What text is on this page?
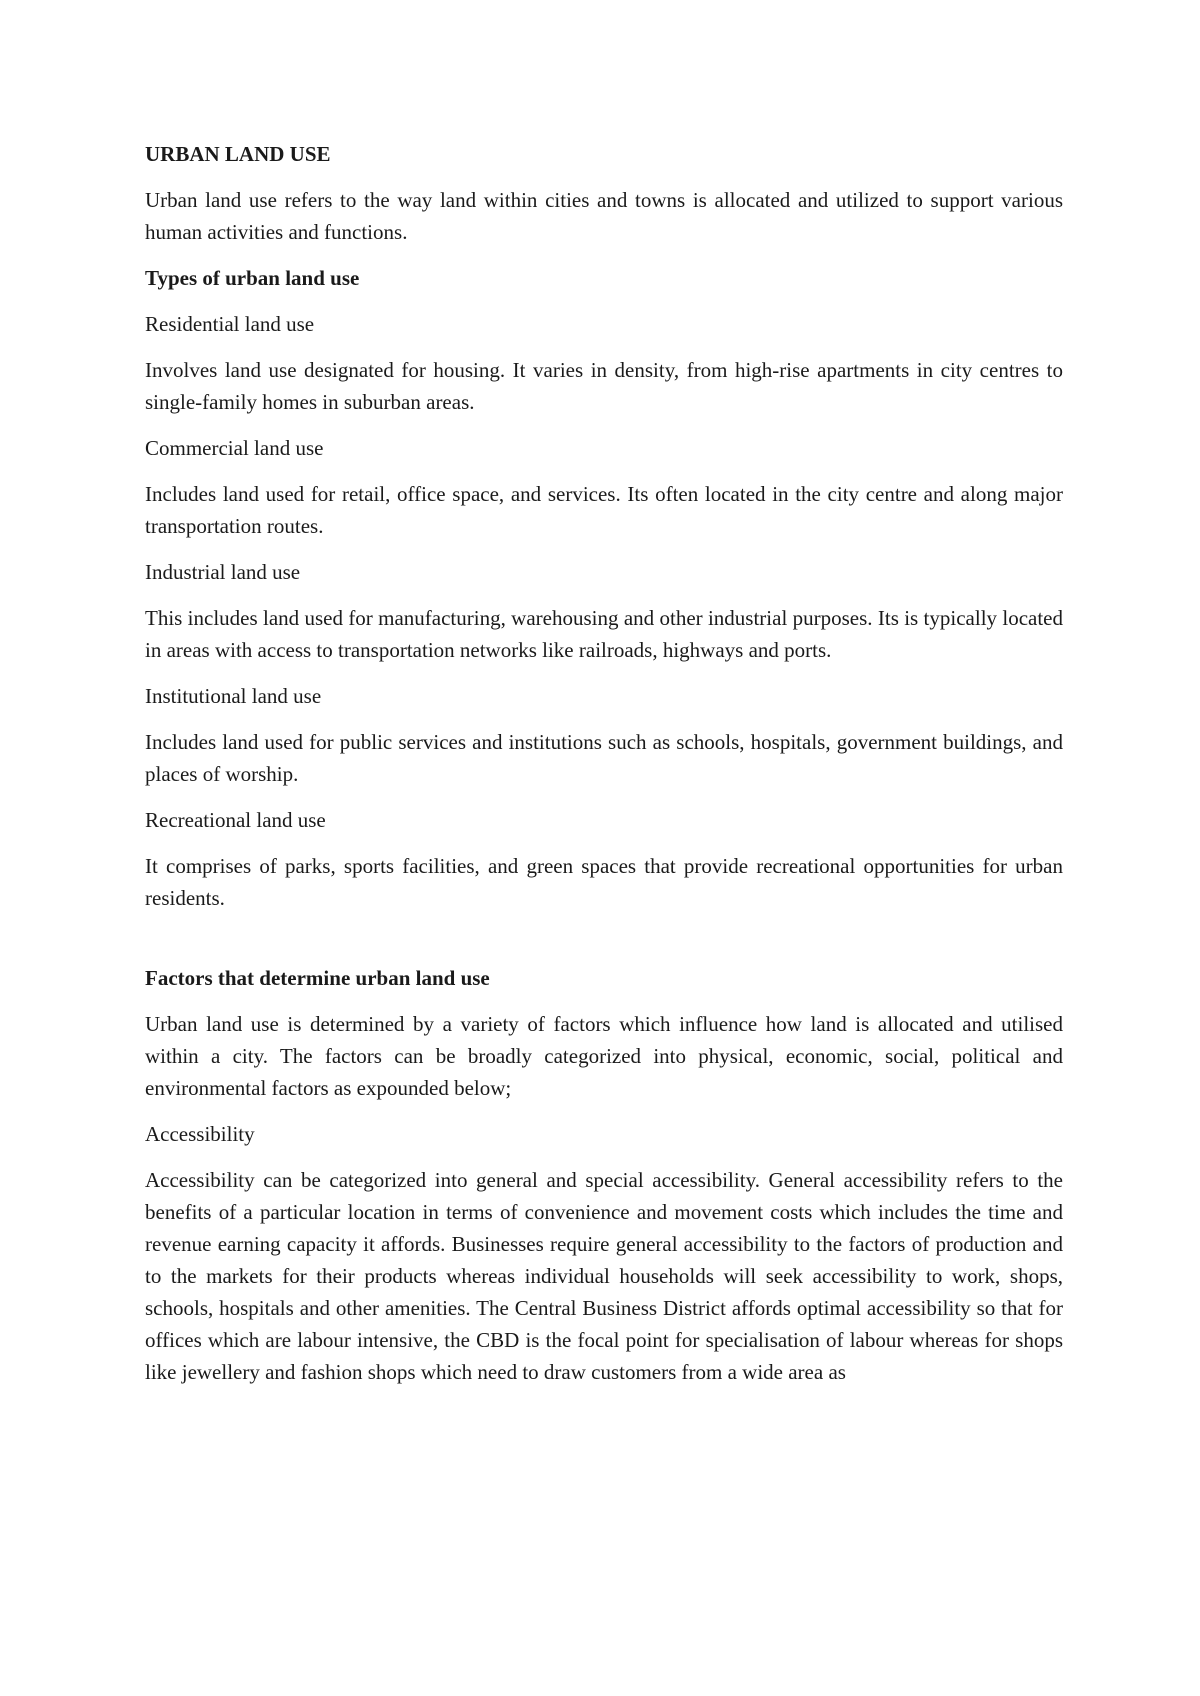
URBAN LAND USE

Urban land use refers to the way land within cities and towns is allocated and utilized to support various human activities and functions.

Types of urban land use

Residential land use

Involves land use designated for housing. It varies in density, from high-rise apartments in city centres to single-family homes in suburban areas.

Commercial land use

Includes land used for retail, office space, and services. Its often located in the city centre and along major transportation routes.

Industrial land use

This includes land used for manufacturing, warehousing and other industrial purposes. Its is typically located in areas with access to transportation networks like railroads, highways and ports.

Institutional land use

Includes land used for public services and institutions such as schools, hospitals, government buildings, and places of worship.

Recreational land use

It comprises of parks, sports facilities, and green spaces that provide recreational opportunities for urban residents.

Factors that determine urban land use

Urban land use is determined by a variety of factors which influence how land is allocated and utilised within a city. The factors can be broadly categorized into physical, economic, social, political and environmental factors as expounded below;

Accessibility

Accessibility can be categorized into general and special accessibility. General accessibility refers to the benefits of a particular location in terms of convenience and movement costs which includes the time and revenue earning capacity it affords. Businesses require general accessibility to the factors of production and to the markets for their products whereas individual households will seek accessibility to work, shops, schools, hospitals and other amenities. The Central Business District affords optimal accessibility so that for offices which are labour intensive, the CBD is the focal point for specialisation of labour whereas for shops like jewellery and fashion shops which need to draw customers from a wide area as
